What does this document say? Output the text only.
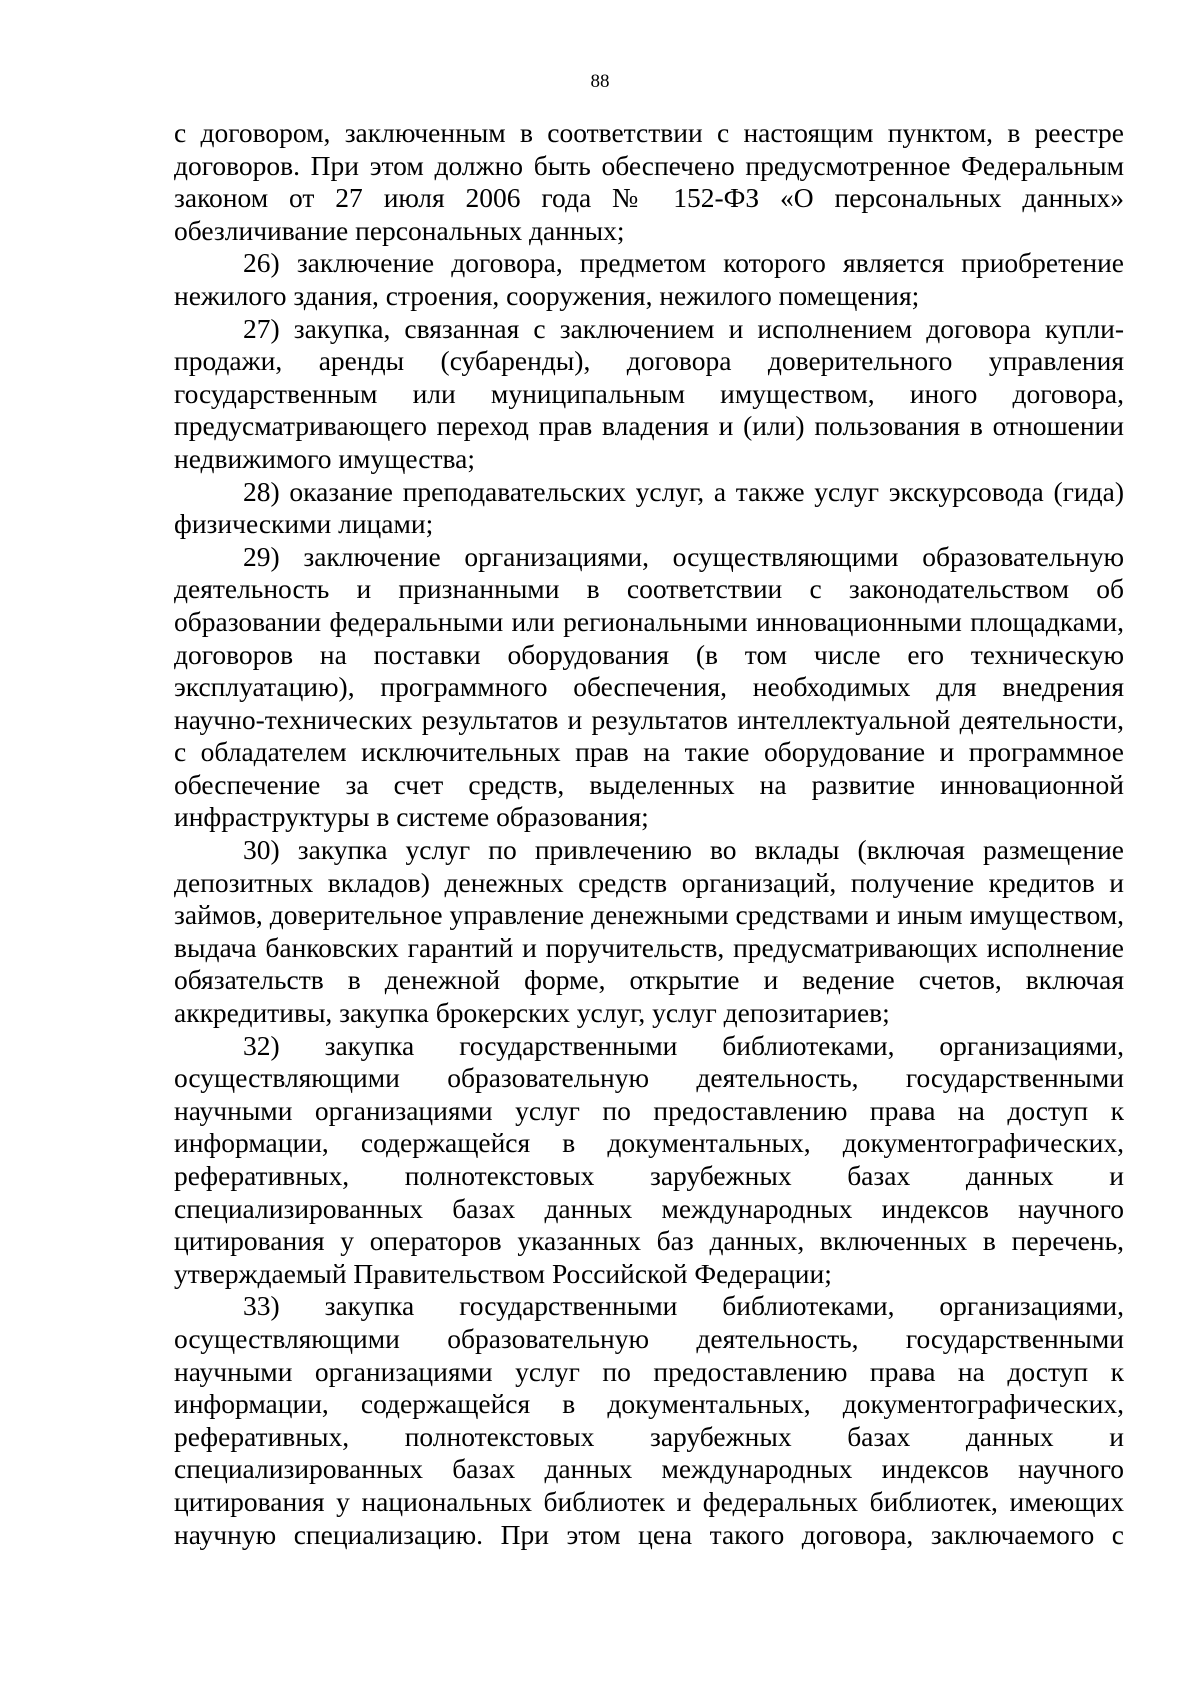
88

с договором, заключенным в соответствии с настоящим пунктом, в реестре договоров. При этом должно быть обеспечено предусмотренное Федеральным законом от 27 июля 2006 года № 152-ФЗ «О персональных данных» обезличивание персональных данных;

26) заключение договора, предметом которого является приобретение нежилого здания, строения, сооружения, нежилого помещения;

27) закупка, связанная с заключением и исполнением договора купли-продажи, аренды (субаренды), договора доверительного управления государственным или муниципальным имуществом, иного договора, предусматривающего переход прав владения и (или) пользования в отношении недвижимого имущества;

28) оказание преподавательских услуг, а также услуг экскурсовода (гида) физическими лицами;

29) заключение организациями, осуществляющими образовательную деятельность и признанными в соответствии с законодательством об образовании федеральными или региональными инновационными площадками, договоров на поставки оборудования (в том числе его техническую эксплуатацию), программного обеспечения, необходимых для внедрения научно-технических результатов и результатов интеллектуальной деятельности, с обладателем исключительных прав на такие оборудование и программное обеспечение за счет средств, выделенных на развитие инновационной инфраструктуры в системе образования;

30) закупка услуг по привлечению во вклады (включая размещение депозитных вкладов) денежных средств организаций, получение кредитов и займов, доверительное управление денежными средствами и иным имуществом, выдача банковских гарантий и поручительств, предусматривающих исполнение обязательств в денежной форме, открытие и ведение счетов, включая аккредитивы, закупка брокерских услуг, услуг депозитариев;

32) закупка государственными библиотеками, организациями, осуществляющими образовательную деятельность, государственными научными организациями услуг по предоставлению права на доступ к информации, содержащейся в документальных, документографических, реферативных, полнотекстовых зарубежных базах данных и специализированных базах данных международных индексов научного цитирования у операторов указанных баз данных, включенных в перечень, утверждаемый Правительством Российской Федерации;

33) закупка государственными библиотеками, организациями, осуществляющими образовательную деятельность, государственными научными организациями услуг по предоставлению права на доступ к информации, содержащейся в документальных, документографических, реферативных, полнотекстовых зарубежных базах данных и специализированных базах данных международных индексов научного цитирования у национальных библиотек и федеральных библиотек, имеющих научную специализацию. При этом цена такого договора, заключаемого с
